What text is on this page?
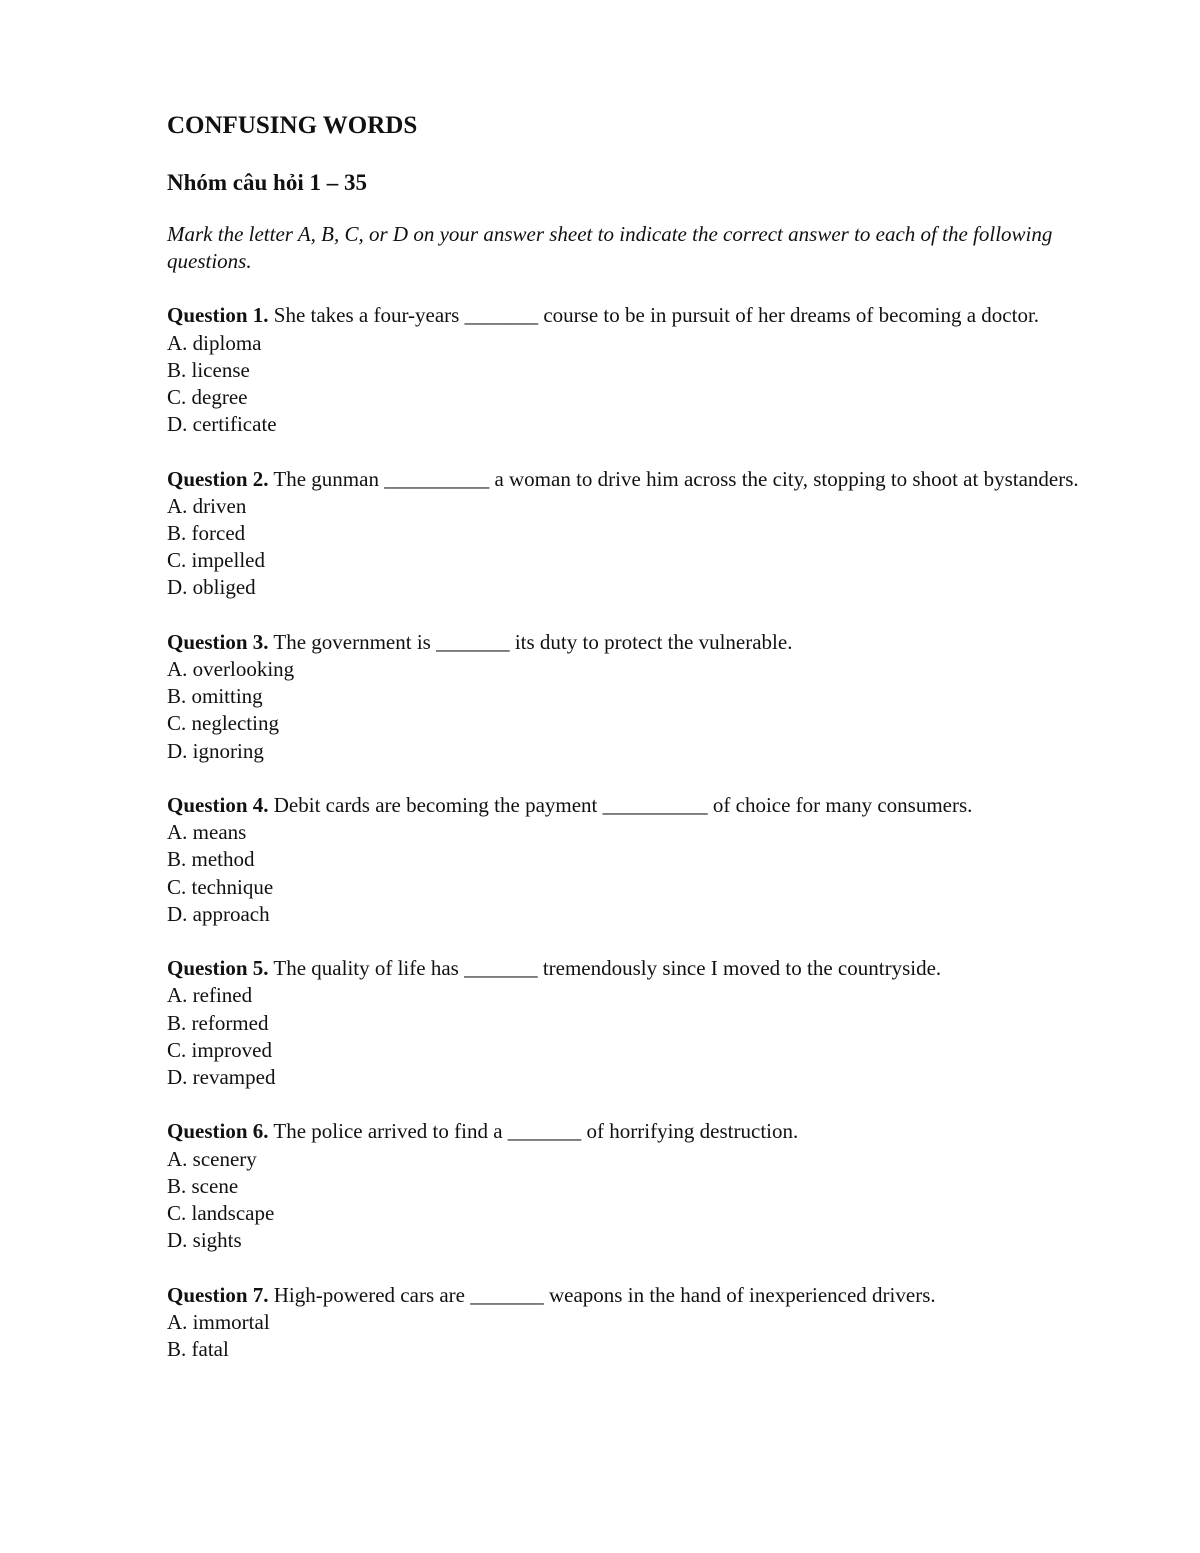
CONFUSING WORDS
Nhóm câu hỏi 1 – 35
Mark the letter A, B, C, or D on your answer sheet to indicate the correct answer to each of the following questions.

Question 1. She takes a four-years _______ course to be in pursuit of her dreams of becoming a doctor.

A. diploma

B. license

C. degree

D. certificate

Question 2. The gunman __________ a woman to drive him across the city, stopping to shoot at bystanders.

A. driven

B. forced

C. impelled

D. obliged

Question 3. The government is _______ its duty to protect the vulnerable.

A. overlooking

B. omitting

C. neglecting

D. ignoring

Question 4. Debit cards are becoming the payment __________ of choice for many consumers.

A. means

B. method

C. technique

D. approach

Question 5. The quality of life has _______ tremendously since I moved to the countryside.

A. refined

B. reformed

C. improved

D. revamped

Question 6. The police arrived to find a _______ of horrifying destruction.

A. scenery

B. scene

C. landscape

D. sights

Question 7. High-powered cars are _______ weapons in the hand of inexperienced drivers.

A. immortal

B. fatal
